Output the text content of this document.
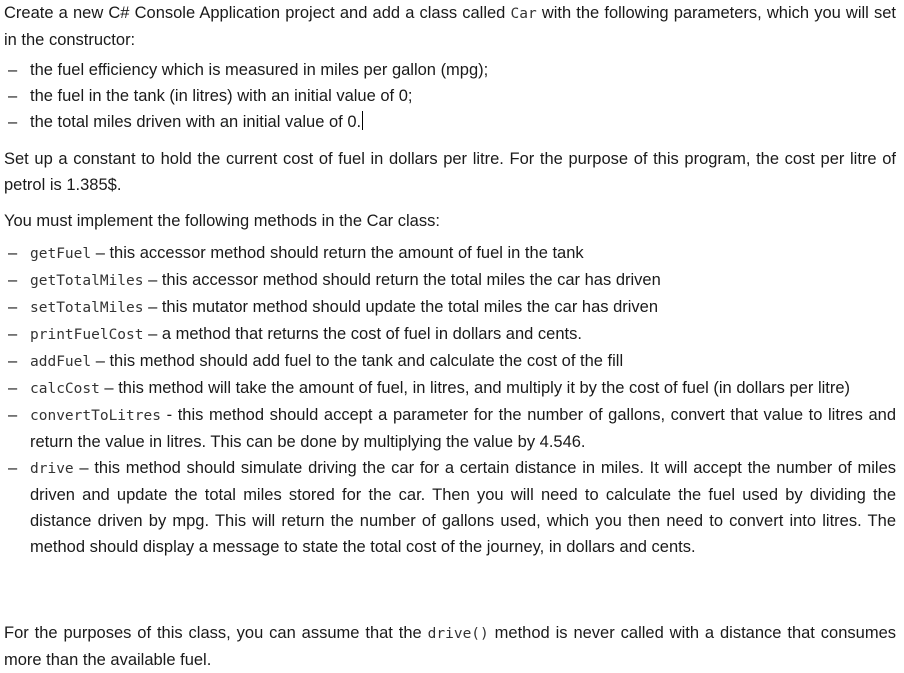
Create a new C# Console Application project and add a class called Car with the following parameters, which you will set in the constructor:
– the fuel efficiency which is measured in miles per gallon (mpg);
– the fuel in the tank (in litres) with an initial value of 0;
– the total miles driven with an initial value of 0.
Set up a constant to hold the current cost of fuel in dollars per litre. For the purpose of this program, the cost per litre of petrol is 1.385$.
You must implement the following methods in the Car class:
– getFuel – this accessor method should return the amount of fuel in the tank
– getTotalMiles – this accessor method should return the total miles the car has driven
– setTotalMiles – this mutator method should update the total miles the car has driven
– printFuelCost – a method that returns the cost of fuel in dollars and cents.
– addFuel – this method should add fuel to the tank and calculate the cost of the fill
– calcCost – this method will take the amount of fuel, in litres, and multiply it by the cost of fuel (in dollars per litre)
– convertToLitres - this method should accept a parameter for the number of gallons, convert that value to litres and return the value in litres. This can be done by multiplying the value by 4.546.
– drive – this method should simulate driving the car for a certain distance in miles. It will accept the number of miles driven and update the total miles stored for the car. Then you will need to calculate the fuel used by dividing the distance driven by mpg. This will return the number of gallons used, which you then need to convert into litres. The method should display a message to state the total cost of the journey, in dollars and cents.
For the purposes of this class, you can assume that the drive() method is never called with a distance that consumes more than the available fuel.
